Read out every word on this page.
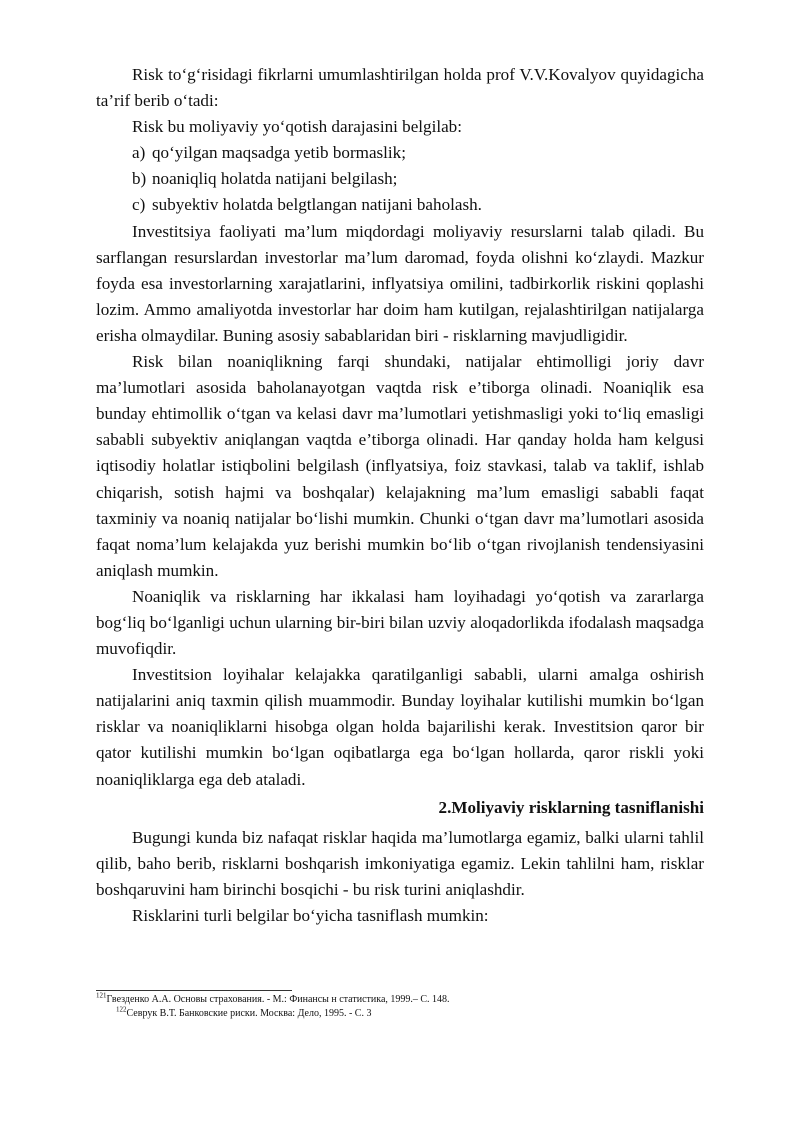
Risk to‘g‘risidagi fikrlarni umumlashtirilgan holda prof V.V.Kovalyov quyidagicha ta’rif berib o‘tadi:

Risk bu moliyaviy yo‘qotish darajasini belgilab:

a) qo‘yilgan maqsadga yetib bormaslik;
b) noaniqliq holatda natijani belgilash;
c) subyektiv holatda belgtlangan natijani baholash.

Investitsiya faoliyati ma’lum miqdordagi moliyaviy resurslarni talab qiladi. Bu sarflangan resurslardan investorlar ma’lum daromad, foyda olishni ko‘zlaydi. Mazkur foyda esa investorlarning xarajatlarini, inflyatsiya omilini, tadbirkorlik riskini qoplashi lozim. Ammo amaliyotda investorlar har doim ham kutilgan, rejalashtirilgan natijalarga erisha olmaydilar. Buning asosiy sabablaridan biri - risklarning mavjudligidir.

Risk bilan noaniqlikning farqi shundaki, natijalar ehtimolligi joriy davr ma’lumotlari asosida baholanayotgan vaqtda risk e’tiborga olinadi. Noaniqlik esa bunday ehtimollik o‘tgan va kelasi davr ma’lumotlari yetishmasligi yoki to‘liq emasligi sababli subyektiv aniqlangan vaqtda e’tiborga olinadi. Har qanday holda ham kelgusi iqtisodiy holatlar istiqbolini belgilash (inflyatsiya, foiz stavkasi, talab va taklif, ishlab chiqarish, sotish hajmi va boshqalar) kelajakning ma’lum emasligi sababli faqat taxminiy va noaniq natijalar bo‘lishi mumkin. Chunki o‘tgan davr ma’lumotlari asosida faqat noma’lum kelajakda yuz berishi mumkin bo‘lib o‘tgan rivojlanish tendensiyasini aniqlash mumkin.

Noaniqlik va risklarning har ikkalasi ham loyihadagi yo‘qotish va zararlarga bog‘liq bo‘lganligi uchun ularning bir-biri bilan uzviy aloqadorlikda ifodalash maqsadga muvofiqdir.

Investitsion loyihalar kelajakka qaratilganligi sababli, ularni amalga oshirish natijalarini aniq taxmin qilish muammodir. Bunday loyihalar kutilishi mumkin bo‘lgan risklar va noaniqliklarni hisobga olgan holda bajarilishi kerak. Investitsion qaror bir qator kutilishi mumkin bo‘lgan oqibatlarga ega bo‘lgan hollarda, qaror riskli yoki noaniqliklarga ega deb ataladi.

2.Moliyaviy risklarning tasniflanishi

Bugungi kunda biz nafaqat risklar haqida ma’lumotlarga egamiz, balki ularni tahlil qilib, baho berib, risklarni boshqarish imkoniyatiga egamiz. Lekin tahlilni ham, risklar boshqaruvini ham birinchi bosqichi - bu risk turini aniqlashdir.

Risklarini turli belgilar bo‘yicha tasniflash mumkin:

$^{121}$Гвезденко А.А. Основы страхования. - М.: Финансы н статистика, 1999.– С. 148.
$^{122}$Севрук В.Т. Банковские риски. Москва: Дело, 1995. - С. 3
